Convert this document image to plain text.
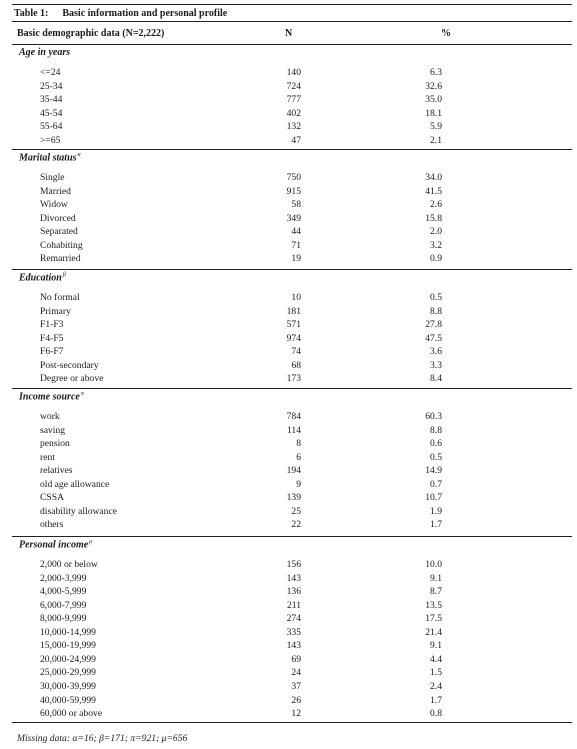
Table 1: Basic information and personal profile
Basic demographic data (N=2,222)	N	%
Age in years
<=24	140	6.3
25-34	724	32.6
35-44	777	35.0
45-54	402	18.1
55-64	132	5.9
>=65	47	2.1
Marital status$^\alpha$
Single	750	34.0
Married	915	41.5
Widow	58	2.6
Divorced	349	15.8
Separated	44	2.0
Cohabiting	71	3.2
Remarried	19	0.9
Education$^\beta$
No formal	10	0.5
Primary	181	8.8
F1-F3	571	27.8
F4-F5	974	47.5
F6-F7	74	3.6
Post-secondary	68	3.3
Degree or above	173	8.4
Income source$^\pi$
work	784	60.3
saving	114	8.8
pension	8	0.6
rent	6	0.5
relatives	194	14.9
old age allowance	9	0.7
CSSA	139	10.7
disability allowance	25	1.9
others	22	1.7
Personal income$^\mu$
2,000 or below	156	10.0
2,000-3,999	143	9.1
4,000-5,999	136	8.7
6,000-7,999	211	13.5
8,000-9,999	274	17.5
10,000-14,999	335	21.4
15,000-19,999	143	9.1
20,000-24,999	69	4.4
25,000-29,999	24	1.5
30,000-39,999	37	2.4
40,000-59,999	26	1.7
60,000 or above	12	0.8
Missing data: α=16; β=171; π=921; μ=656
